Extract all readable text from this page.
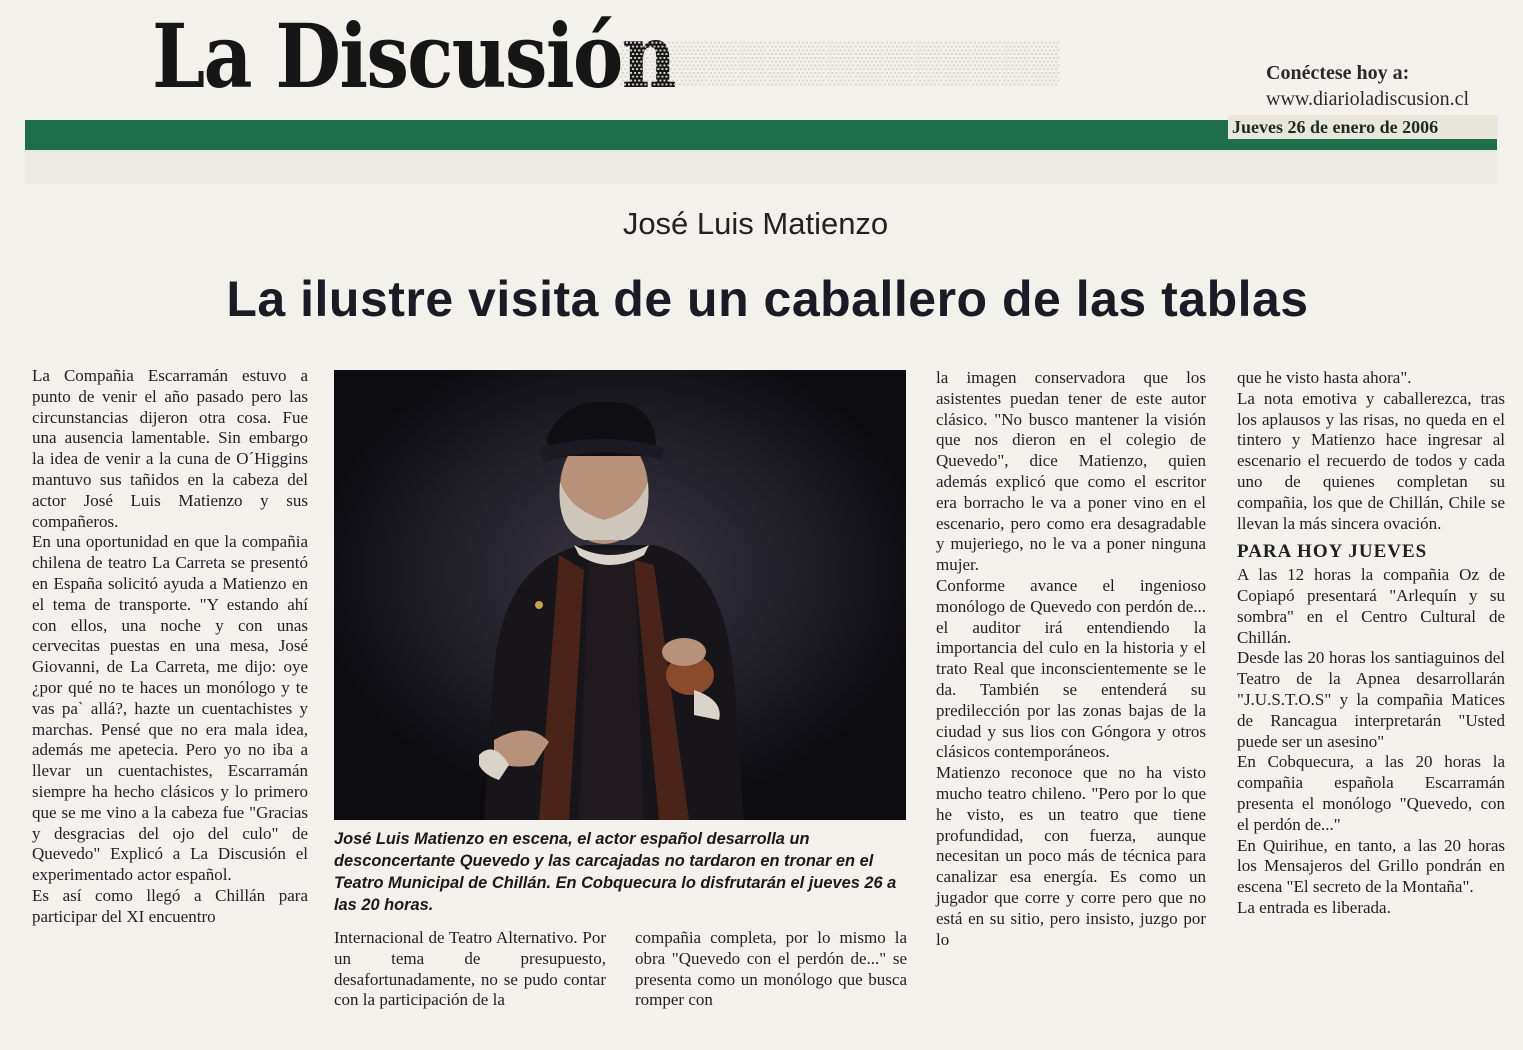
La Discusión
▒▒▒▒▒▒▒▒▒▒▒▒▒▒▒	Conéctese hoy a:
www.diarioladiscusion.cl
Jueves 26 de enero de 2006
José Luis Matienzo
La ilustre visita de un caballero de las tablas

La Compañia Escarramán estuvo a punto de venir el año pasado pero las circunstancias dijeron otra cosa. Fue una ausencia lamentable. Sin embargo la idea de venir a la cuna de O´Higgins mantuvo sus tañidos en la cabeza del actor José Luis Matienzo y sus compañeros.

En una oportunidad en que la compañia chilena de teatro La Carreta se presentó en España solicitó ayuda a Matienzo en el tema de transporte. "Y estando ahí con ellos, una noche y con unas cervecitas puestas en una mesa, José Giovanni, de La Carreta, me dijo: oye ¿por qué no te haces un monólogo y te vas pa` allá?, hazte un cuentachistes y marchas. Pensé que no era mala idea, además me apetecia. Pero yo no iba a llevar un cuentachistes, Escarramán siempre ha hecho clásicos y lo primero que se me vino a la cabeza fue "Gracias y desgracias del ojo del culo" de Quevedo" Explicó a La Discusión el experimentado actor español.

Es así como llegó a Chillán para participar del XI encuentro

José Luis Matienzo en escena, el actor español desarrolla un desconcertante Quevedo y las carcajadas no tardaron en tronar en el Teatro Municipal de Chillán. En Cobquecura lo disfrutarán el jueves 26 a las 20 horas.

Internacional de Teatro Alternativo. Por un tema de presupuesto, desafortunadamente, no se pudo contar con la participación de la

compañia completa, por lo mismo la obra "Quevedo con el perdón de..." se presenta como un monólogo que busca romper con

la imagen conservadora que los asistentes puedan tener de este autor clásico. "No busco mantener la visión que nos dieron en el colegio de Quevedo", dice Matienzo, quien además explicó que como el escritor era borracho le va a poner vino en el escenario, pero como era desagradable y mujeriego, no le va a poner ninguna mujer.

Conforme avance el ingenioso monólogo de Quevedo con perdón de... el auditor irá entendiendo la importancia del culo en la historia y el trato Real que inconscientemente se le da. También se entenderá su predilección por las zonas bajas de la ciudad y sus lios con Góngora y otros clásicos contemporáneos.

Matienzo reconoce que no ha visto mucho teatro chileno. "Pero por lo que he visto, es un teatro que tiene profundidad, con fuerza, aunque necesitan un poco más de técnica para canalizar esa energía. Es como un jugador que corre y corre pero que no está en su sitio, pero insisto, juzgo por lo

que he visto hasta ahora".

La nota emotiva y caballerezca, tras los aplausos y las risas, no queda en el tintero y Matienzo hace ingresar al escenario el recuerdo de todos y cada uno de quienes completan su compañia, los que de Chillán, Chile se llevan la más sincera ovación.

PARA HOY JUEVES

A las 12 horas la compañia Oz de Copiapó presentará "Arlequín y su sombra" en el Centro Cultural de Chillán.

Desde las 20 horas los santiaguinos del Teatro de la Apnea desarrollarán "J.U.S.T.O.S" y la compañia Matices de Rancagua interpretarán "Usted puede ser un asesino"

En Cobquecura, a las 20 horas la compañia española Escarramán presenta el monólogo "Quevedo, con el perdón de..."

En Quirihue, en tanto, a las 20 horas los Mensajeros del Grillo pondrán en escena "El secreto de la Montaña".

La entrada es liberada.
